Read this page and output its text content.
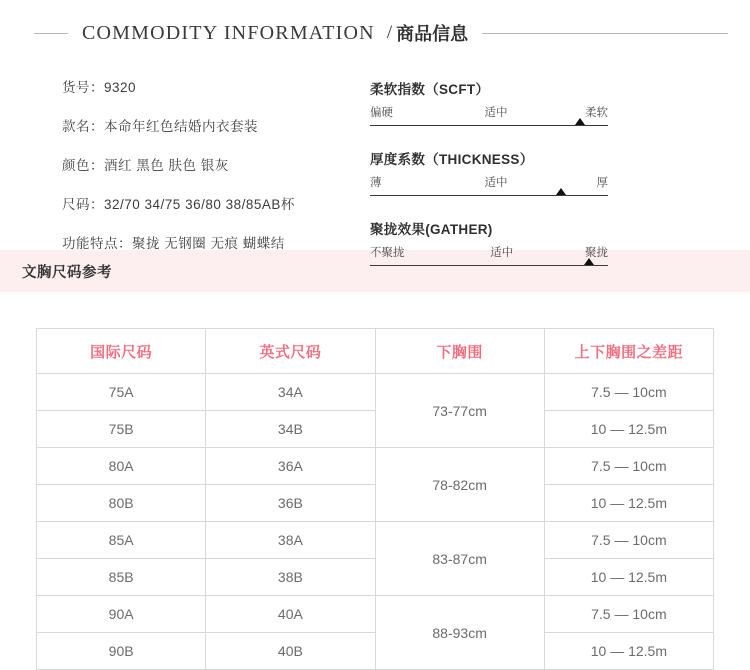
COMMODITY INFORMATION / 商品信息
货号：9320
款名：本命年红色结婚内衣套装
颜色：酒红 黑色 肤色 银灰
尺码：32/70 34/75 36/80 38/85AB杯
功能特点：聚拢 无钢圈 无痕 蝴蝶结
柔软指数（SCFT）
偏硬	适中	柔软
厚度系数（THICKNESS）
薄	适中	厚
聚拢效果(GATHER)
不聚拢	适中	聚拢
文胸尺码参考
国际尺码	英式尺码	下胸围	上下胸围之差距
75A	34A	73-77cm	7.5 — 10cm
75B	34B		10 — 12.5m
80A	36A	78-82cm	7.5 — 10cm
80B	36B		10 — 12.5m
85A	38A	83-87cm	7.5 — 10cm
85B	38B		10 — 12.5m
90A	40A	88-93cm	7.5 — 10cm
90B	40B		10 — 12.5m
